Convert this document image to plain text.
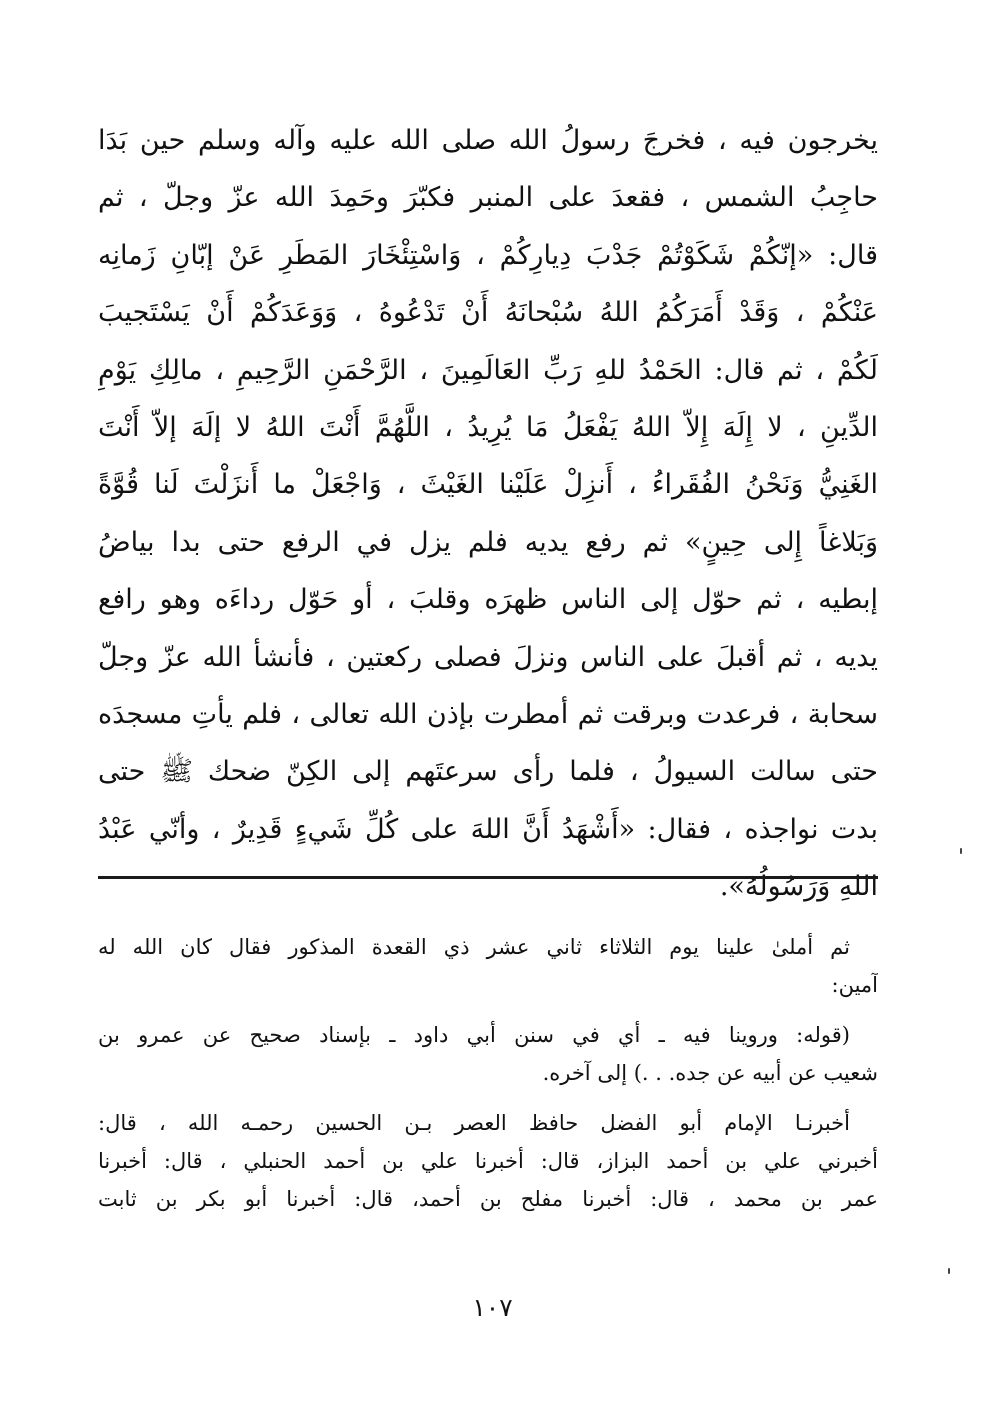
يخرجون فيه ، فخرجَ رسولُ الله صلى الله عليه وآله وسلم حين بَدَا
حاجِبُ الشمس ، فقعدَ على المنبر فكبّرَ وحَمِدَ الله عزّ وجلّ ، ثم
قال: «إنّكُمْ شَكَوْتُمْ جَدْبَ دِيارِكُمْ ، وَاسْتِئْخَارَ المَطَرِ عَنْ إبّانِ زَمانِه
عَنْكُمْ ، وَقَدْ أَمَرَكُمُ اللهُ سُبْحانَهُ أَنْ تَدْعُوهُ ، وَوَعَدَكُمْ أَنْ يَسْتَجيبَ
لَكُمْ ، ثم قال: الحَمْدُ للهِ رَبِّ العَالَمِينَ ، الرَّحْمَنِ الرَّحِيمِ ، مالِكِ يَوْمِ
الدِّينِ ، لا إِلَهَ إِلاّ اللهُ يَفْعَلُ مَا يُرِيدُ ، اللَّهُمَّ أَنْتَ اللهُ لا إلَهَ إلاّ أَنْتَ
الغَنِيُّ وَنَحْنُ الفُقَراءُ ، أَنزِلْ عَلَيْنا الغَيْثَ ، وَاجْعَلْ ما أَنزَلْتَ لَنا قُوَّةً
وَبَلاغاً إِلى حِينٍ» ثم رفع يديه فلم يزل في الرفع حتى بدا بياضُ
إبطيه ، ثم حوّل إلى الناس ظهرَه وقلبَ ، أو حَوّل رداءَه وهو رافع
يديه ، ثم أقبلَ على الناس ونزلَ فصلى ركعتين ، فأنشأ الله عزّ وجلّ
سحابة ، فرعدت وبرقت ثم أمطرت بإذن الله تعالى ، فلم يأتِ مسجدَه
حتى سالت السيولُ ، فلما رأى سرعتَهم إلى الكِنّ ضحك ﷺ حتى
بدت نواجذه ، فقال: «أَشْهَدُ أَنَّ اللهَ على كُلِّ شَيءٍ قَدِيرٌ ، وأنّي عَبْدُ
اللهِ وَرَسُولُهُ».
ثم أملىٰ علينا يوم الثلاثاء ثاني عشر ذي القعدة المذكور فقال كان الله له
آمين:
(قوله: وروينا فيه ـ أي في سنن أبي داود ـ بإسناد صحيح عن عمرو بن
شعيب عن أبيه عن جده. . .) إلى آخره.
أخبرنـا الإمام أبو الفضل حافظ العصر بـن الحسين رحمـه الله ، قال:
أخبرني علي بن أحمد البزاز، قال: أخبرنا علي بن أحمد الحنبلي ، قال: أخبرنا
عمر بن محمد ، قال: أخبرنا مفلح بن أحمد، قال: أخبرنا أبو بكر بن ثابت
١٠٧
